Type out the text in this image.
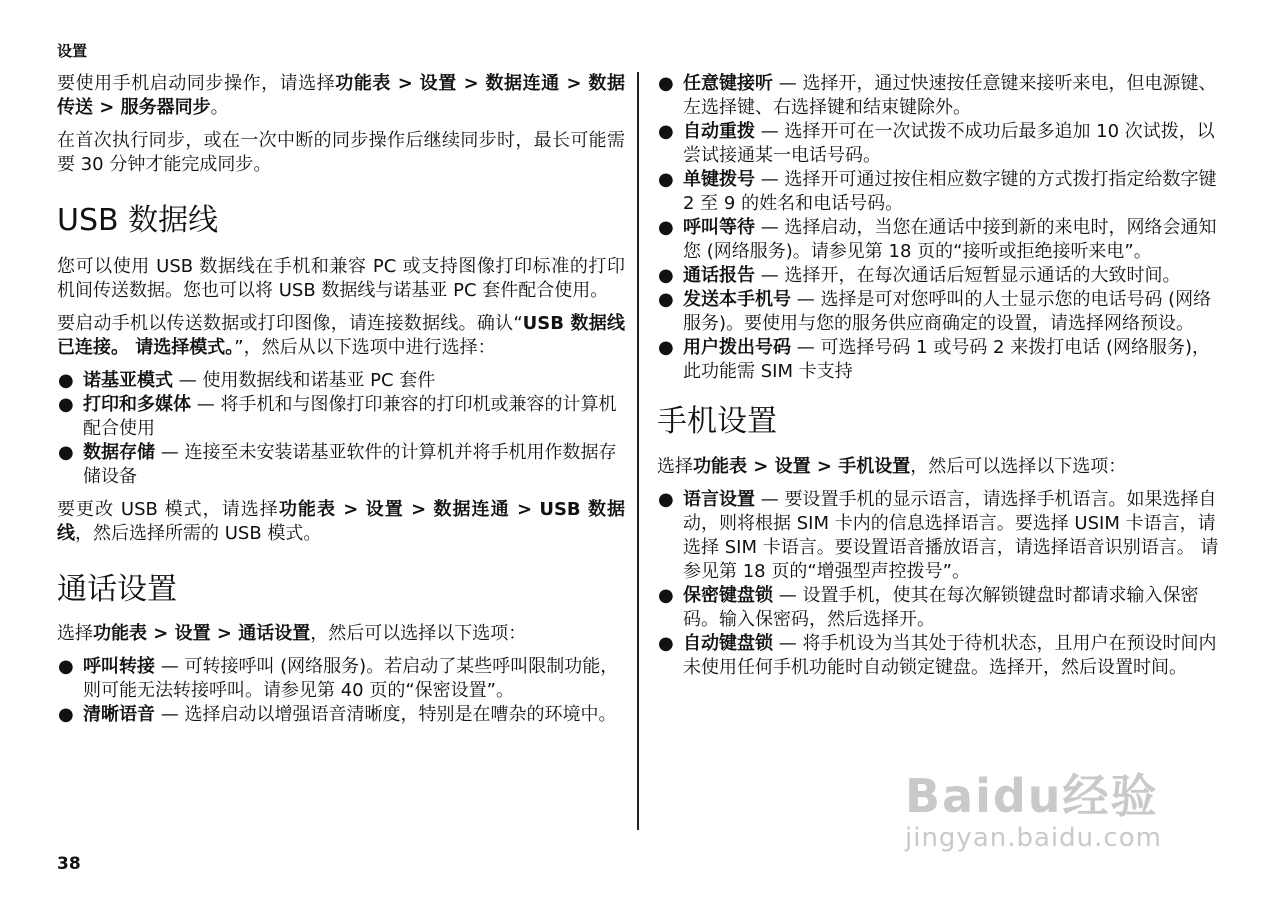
设置

要使用手机启动同步操作，请选择功能表 > 设置 > 数据连通 > 数据传送 > 服务器同步。

在首次执行同步，或在一次中断的同步操作后继续同步时，最长可能需要 30 分钟才能完成同步。

USB 数据线

您可以使用 USB 数据线在手机和兼容 PC 或支持图像打印标准的打印机间传送数据。您也可以将 USB 数据线与诺基亚 PC 套件配合使用。

要启动手机以传送数据或打印图像，请连接数据线。确认“USB 数据线已连接。 请选择模式。”，然后从以下选项中进行选择：

● 诺基亚模式 — 使用数据线和诺基亚 PC 套件
● 打印和多媒体 — 将手机和与图像打印兼容的打印机或兼容的计算机配合使用
● 数据存储 — 连接至未安装诺基亚软件的计算机并将手机用作数据存储设备

要更改 USB 模式，请选择功能表 > 设置 > 数据连通 > USB 数据线，然后选择所需的 USB 模式。

通话设置

选择功能表 > 设置 > 通话设置，然后可以选择以下选项：

● 呼叫转接 — 可转接呼叫 (网络服务)。若启动了某些呼叫限制功能，则可能无法转接呼叫。请参见第 40 页的“保密设置”。
● 清晰语音 — 选择启动以增强语音清晰度，特别是在嘈杂的环境中。
● 任意键接听 — 选择开，通过快速按任意键来接听来电，但电源键、左选择键、右选择键和结束键除外。
● 自动重拨 — 选择开可在一次试拨不成功后最多追加 10 次试拨，以尝试接通某一电话号码。
● 单键拨号 — 选择开可通过按住相应数字键的方式拨打指定给数字键 2 至 9 的姓名和电话号码。
● 呼叫等待 — 选择启动，当您在通话中接到新的来电时，网络会通知您 (网络服务)。请参见第 18 页的“接听或拒绝接听来电”。
● 通话报告 — 选择开，在每次通话后短暂显示通话的大致时间。
● 发送本手机号 — 选择是可对您呼叫的人士显示您的电话号码 (网络服务)。要使用与您的服务供应商确定的设置，请选择网络预设。
● 用户拨出号码 — 可选择号码 1 或号码 2 来拨打电话 (网络服务)，此功能需 SIM 卡支持
手机设置

选择功能表 > 设置 > 手机设置，然后可以选择以下选项：

● 语言设置 — 要设置手机的显示语言，请选择手机语言。如果选择自动，则将根据 SIM 卡内的信息选择语言。要选择 USIM 卡语言，请选择 SIM 卡语言。要设置语音播放语言，请选择语音识别语言。 请参见第 18 页的“增强型声控拨号”。
● 保密键盘锁 — 设置手机，使其在每次解锁键盘时都请求输入保密码。输入保密码，然后选择开。
● 自动键盘锁 — 将手机设为当其处于待机状态，且用户在预设时间内未使用任何手机功能时自动锁定键盘。选择开，然后设置时间。
38
Baidu经验
jingyan.baidu.com
